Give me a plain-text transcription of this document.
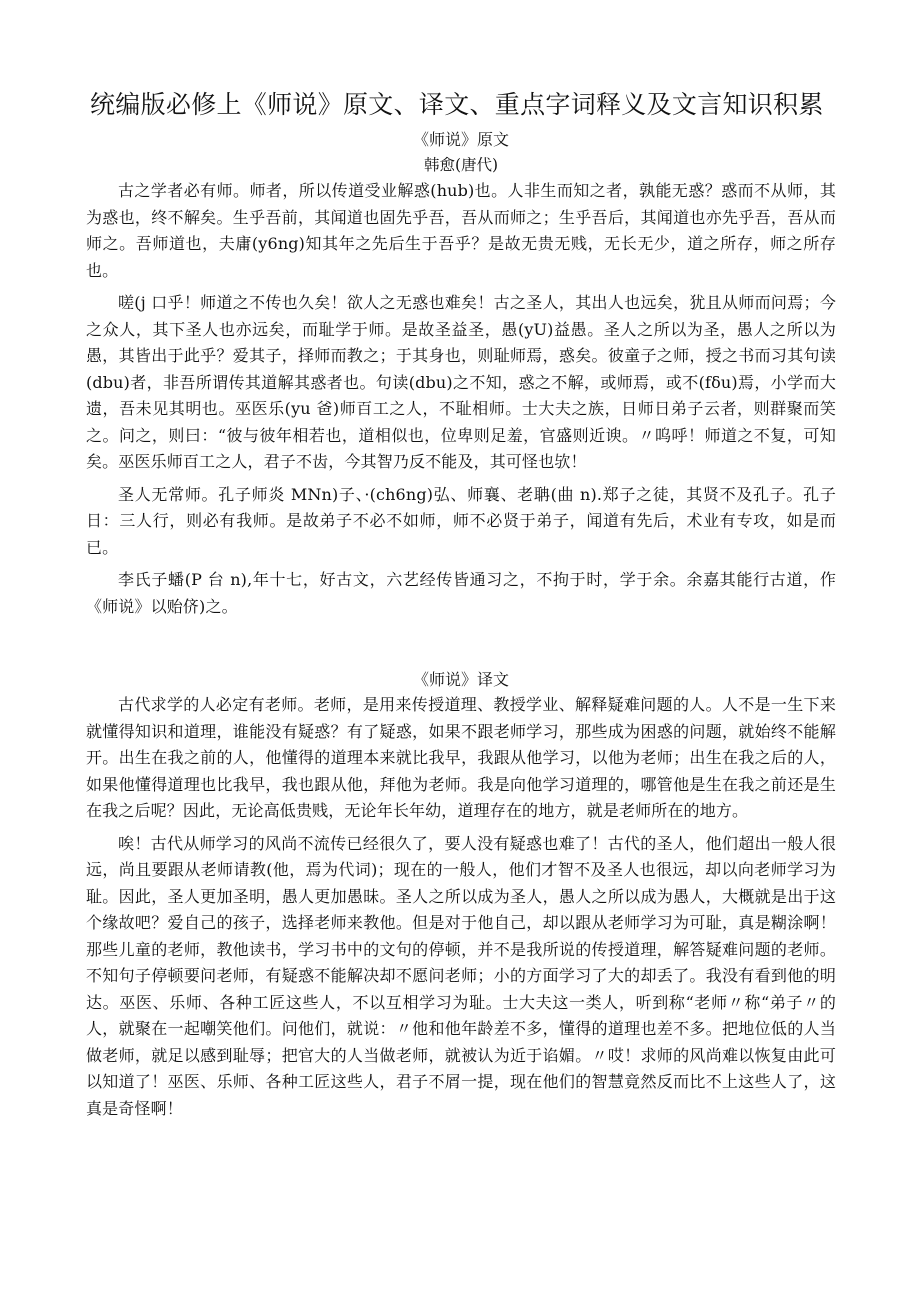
统编版必修上《师说》原文、译文、重点字词释义及文言知识积累
《师说》原文
韩愈(唐代)

古之学者必有师。师者，所以传道受业解惑(hub)也。人非生而知之者，孰能无惑？惑而不从师，其为惑也，终不解矣。生乎吾前，其闻道也固先乎吾，吾从而师之；生乎吾后，其闻道也亦先乎吾，吾从而师之。吾师道也，夫庸(y6ng)知其年之先后生于吾乎？是故无贵无贱，无长无少，道之所存，师之所存也。

嗟(j 口乎！师道之不传也久矣！欲人之无惑也难矣！古之圣人，其出人也远矣，犹且从师而问焉；今之众人，其下圣人也亦远矣，而耻学于师。是故圣益圣，愚(yU)益愚。圣人之所以为圣，愚人之所以为愚，其皆出于此乎？爱其子，择师而教之；于其身也，则耻师焉，惑矣。彼童子之师，授之书而习其句读(dbu)者，非吾所谓传其道解其惑者也。句读(dbu)之不知，惑之不解，或师焉，或不(fδu)焉，小学而大遗，吾未见其明也。巫医乐(yu 爸)师百工之人，不耻相师。士大夫之族，日师日弟子云者，则群聚而笑之。问之，则曰：“彼与彼年相若也，道相似也，位卑则足羞，官盛则近谀。〃呜呼！师道之不复，可知矣。巫医乐师百工之人，君子不齿，今其智乃反不能及，其可怪也欤！

圣人无常师。孔子师炎 MNn)子、·(ch6ng)弘、师襄、老聃(曲 n).郑子之徒，其贤不及孔子。孔子日：三人行，则必有我师。是故弟子不必不如师，师不必贤于弟子，闻道有先后，术业有专攻，如是而已。

李氏子蟠(P 台 n),年十七，好古文，六艺经传皆通习之，不拘于时，学于余。余嘉其能行古道，作《师说》以贻侪)之。

《师说》译文

古代求学的人必定有老师。老师，是用来传授道理、教授学业、解释疑难问题的人。人不是一生下来就懂得知识和道理，谁能没有疑惑？有了疑惑，如果不跟老师学习，那些成为困惑的问题，就始终不能解开。出生在我之前的人，他懂得的道理本来就比我早，我跟从他学习，以他为老师；出生在我之后的人，如果他懂得道理也比我早，我也跟从他，拜他为老师。我是向他学习道理的，哪管他是生在我之前还是生在我之后呢？因此，无论高低贵贱，无论年长年幼，道理存在的地方，就是老师所在的地方。

唉！古代从师学习的风尚不流传已经很久了，要人没有疑惑也难了！古代的圣人，他们超出一般人很远，尚且要跟从老师请教(他，焉为代词)；现在的一般人，他们才智不及圣人也很远，却以向老师学习为耻。因此，圣人更加圣明，愚人更加愚昧。圣人之所以成为圣人，愚人之所以成为愚人，大概就是出于这个缘故吧？爱自己的孩子，选择老师来教他。但是对于他自己，却以跟从老师学习为可耻，真是糊涂啊！那些儿童的老师，教他读书，学习书中的文句的停顿，并不是我所说的传授道理，解答疑难问题的老师。不知句子停顿要问老师，有疑惑不能解决却不愿问老师；小的方面学习了大的却丢了。我没有看到他的明达。巫医、乐师、各种工匠这些人，不以互相学习为耻。士大夫这一类人，听到称“老师〃称“弟子〃的人，就聚在一起嘲笑他们。问他们，就说：〃他和他年龄差不多，懂得的道理也差不多。把地位低的人当做老师，就足以感到耻辱；把官大的人当做老师，就被认为近于谄媚。〃哎！求师的风尚难以恢复由此可以知道了！巫医、乐师、各种工匠这些人，君子不屑一提，现在他们的智慧竟然反而比不上这些人了，这真是奇怪啊！
